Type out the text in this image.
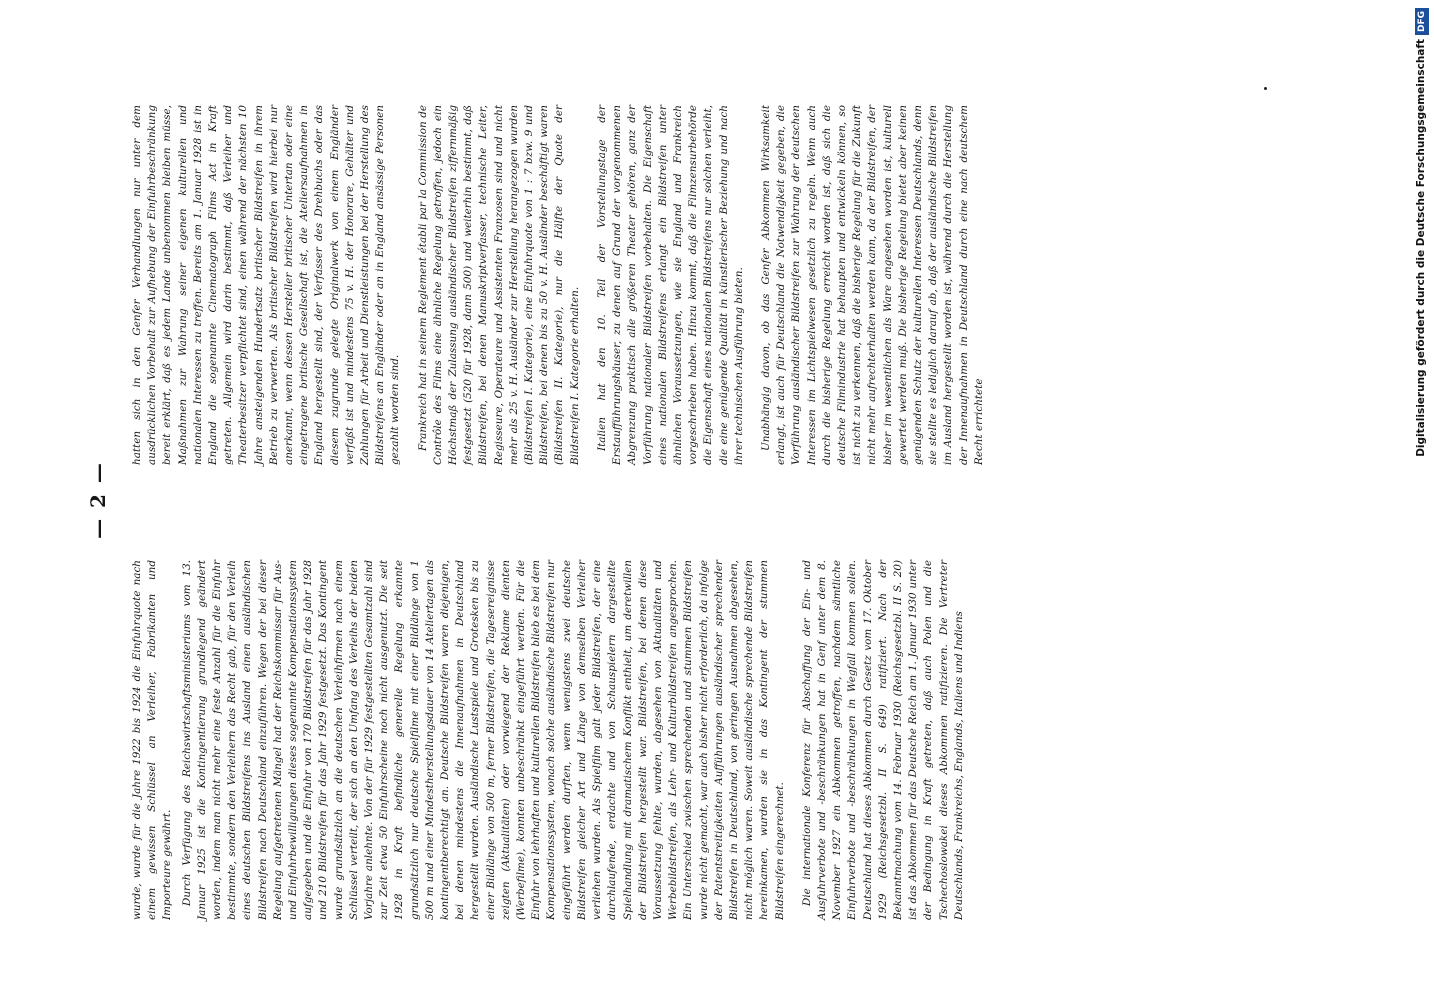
— 2 —

wurde, wurde für die Jahre 1922 bis 1924 die Einfuhrquote nach einem gewissen Schlüssel an Verleiher, Fabrikanten und Importeure gewährt. Durch Verfügung des Reichswirtschaftsministeriums vom 13. Januar 1925 ist die Kontingentierung grundlegend geändert worden, indem man nicht mehr eine feste Anzahl für die Einfuhr bestimmte, sondern den Verleihern das Recht gab, für den Verleih eines deutschen Bildstreifens ins Ausland einen ausländischen Bildstreifen nach Deutschland einzuführen. Wegen der bei dieser Regelung aufgetretenen Mängel hat der Reichskommissar für Aus- und Einfuhrbewilligungen dieses sogenannte Kompensationssystem aufgegeben und die Einfuhr von 170 Bildstreifen für das Jahr 1928 und 210 Bildstreifen für das Jahr 1929 festgesetzt. Das Kontingent wurde grundsätzlich an die deutschen Verleihfirmen nach einem Schlüssel verteilt, der sich an den Umfang des Verleihs der beiden Vorjahre anlehnte. Von der für 1929 festgestellten Gesamtzahl sind zur Zeit etwa 50 Einfuhrscheine noch nicht ausgenutzt. Die seit 1928 in Kraft befindliche generelle Regelung erkannte grundsätzlich nur deutsche Spielfilme mit einer Bildlänge von 1 500 m und einer Mindestherstellungsdauer von 14 Ateliertagen als kontingentberechtigt an. Deutsche Bildstreifen waren diejenigen, bei denen mindestens die Innenaufnahmen in Deutschland hergestellt wurden. Ausländische Lustspiele und Grotesken bis zu einer Bildlänge von 500 m, ferner Bildstreifen, die Tagesereignisse zeigten (Aktualitäten) oder vorwiegend der Reklame dienten (Werbefilme), konnten unbeschränkt eingeführt werden. Für die Einfuhr von lehrhaften und kulturellen Bildstreifen blieb es bei dem Kompensationssystem, wonach solche ausländische Bildstreifen nur eingeführt werden durften, wenn wenigstens zwei deutsche Bildstreifen gleicher Art und Länge von demselben Verleiher verliehen wurden. Als Spielfilm galt jeder Bildstreifen, der eine durchlaufende, erdachte und von Schauspielern dargestellte Spielhandlung mit dramatischem Konflikt enthielt, um deretwillen der Bildstreifen hergestellt war. Bildstreifen, bei denen diese Voraussetzung fehlte, wurden, abgesehen von Aktualitäten und Werbebildstreifen, als Lehr- und Kulturbildstreifen angesprochen. Ein Unterschied zwischen sprechenden und stummen Bildstreifen wurde nicht gemacht, war auch bisher nicht erforderlich, da infolge der Patentstreitigkeiten Aufführungen ausländischer sprechender Bildstreifen in Deutschland, von geringen Ausnahmen abgesehen, nicht möglich waren. Soweit ausländische sprechende Bildstreifen hereinkamen, wurden sie in das Kontingent der stummen Bildstreifen eingerechnet. Die internationale Konferenz für Abschaffung der Ein- und Ausfuhrverbote und -beschränkungen hat in Genf unter dem 8. November 1927 ein Abkommen getroffen, nachdem sämtliche Einfuhrverbote und -beschränkungen in Wegfall kommen sollen. Deutschland hat dieses Abkommen durch Gesetz vom 17. Oktober 1929 (Reichsgesetzbl. II S. 649) ratifiziert. Nach der Bekanntmachung vom 14. Februar 1930 (Reichsgesetzbl. II S. 20) ist das Abkommen für das Deutsche Reich am 1. Januar 1930 unter der Bedingung in Kraft getreten, daß auch Polen und die Tschechoslowakei dieses Abkommen ratifizieren. Die Vertreter Deutschlands, Frankreichs, Englands, Italiens und Indiens

hatten sich in den Genfer Verhandlungen nur unter dem ausdrücklichen Vorbehalt zur Aufhebung der Einfuhrbeschränkung bereit erklärt, daß es jedem Lande unbenommen bleiben müsse, Maßnahmen zur Wahrung seiner eigenen kulturellen und nationalen Interessen zu treffen. Bereits am 1. Januar 1928 ist in England die sogenannte Cinematograph Films Act in Kraft getreten. Allgemein wird darin bestimmt, daß Verleiher und Theaterbesitzer verpflichtet sind, einen während der nächsten 10 Jahre ansteigenden Hundertsatz britischer Bildstreifen in ihrem Betrieb zu verwerten. Als britischer Bildstreifen wird hierbei nur anerkannt, wenn dessen Hersteller britischer Untertan oder eine eingetragene britische Gesellschaft ist, die Ateliersaufnahmen in England hergestellt sind, der Verfasser des Drehbuchs oder das diesem zugrunde gelegte Originalwerk von einem Engländer verfaßt ist und mindestens 75 v. H. der Honorare, Gehälter und Zahlungen für Arbeit und Dienstleistungen bei der Herstellung des Bildstreifens an Engländer oder an in England ansässige Personen gezahlt worden sind. Frankreich hat in seinem Reglement établi par la Commission de Contrôle des Films eine ähnliche Regelung getroffen, jedoch ein Höchstmaß der Zulassung ausländischer Bildstreifen ziffernmäßig festgesetzt (520 für 1928, dann 500) und weiterhin bestimmt, daß Bildstreifen, bei denen Manuskriptverfasser, technische Leiter, Regisseure, Operateure und Assistenten Franzosen sind und nicht mehr als 25 v. H. Ausländer zur Herstellung herangezogen wurden (Bildstreifen I. Kategorie), eine Einfuhrquote von 1 : 7 bzw. 9 und Bildstreifen, bei denen bis zu 50 v. H. Ausländer beschäftigt waren (Bildstreifen II. Kategorie), nur die Hälfte der Quote der Bildstreifen I. Kategorie erhalten. Italien hat den 10. Teil der Vorstellungstage der Erstaufführungshäuser, zu denen auf Grund der vorgenommenen Abgrenzung praktisch alle größeren Theater gehören, ganz der Vorführung nationaler Bildstreifen vorbehalten. Die Eigenschaft eines nationalen Bildstreifens erlangt ein Bildstreifen unter ähnlichen Voraussetzungen, wie sie England und Frankreich vorgeschrieben haben. Hinzu kommt, daß die Filmzensurbehörde die Eigenschaft eines nationalen Bildstreifens nur solchen verleiht, die eine genügende Qualität in künstlerischer Beziehung und nach ihrer technischen Ausführung bieten. Unabhängig davon, ob das Genfer Abkommen Wirksamkeit erlangt, ist auch für Deutschland die Notwendigkeit gegeben, die Vorführung ausländischer Bildstreifen zur Wahrung der deutschen Interessen im Lichtspielwesen gesetzlich zu regeln. Wenn auch durch die bisherige Regelung erreicht worden ist, daß sich die deutsche Filmindustrie hat behaupten und entwickeln können, so ist nicht zu verkennen, daß die bisherige Regelung für die Zukunft nicht mehr aufrechterhalten werden kann, da der Bildstreifen, der bisher im wesentlichen als Ware angesehen worden ist, kulturell gewertet werden muß. Die bisherige Regelung bietet aber keinen genügenden Schutz der kulturellen Interessen Deutschlands, denn sie stellte es lediglich darauf ab, daß der ausländische Bildstreifen im Ausland hergestellt worden ist, während durch die Herstellung der Innenaufnahmen in Deutschland durch eine nach deutschem Recht errichtete	Digitalisierung gefördert durch die Deutsche ForschungsgemeinschaftDFG
